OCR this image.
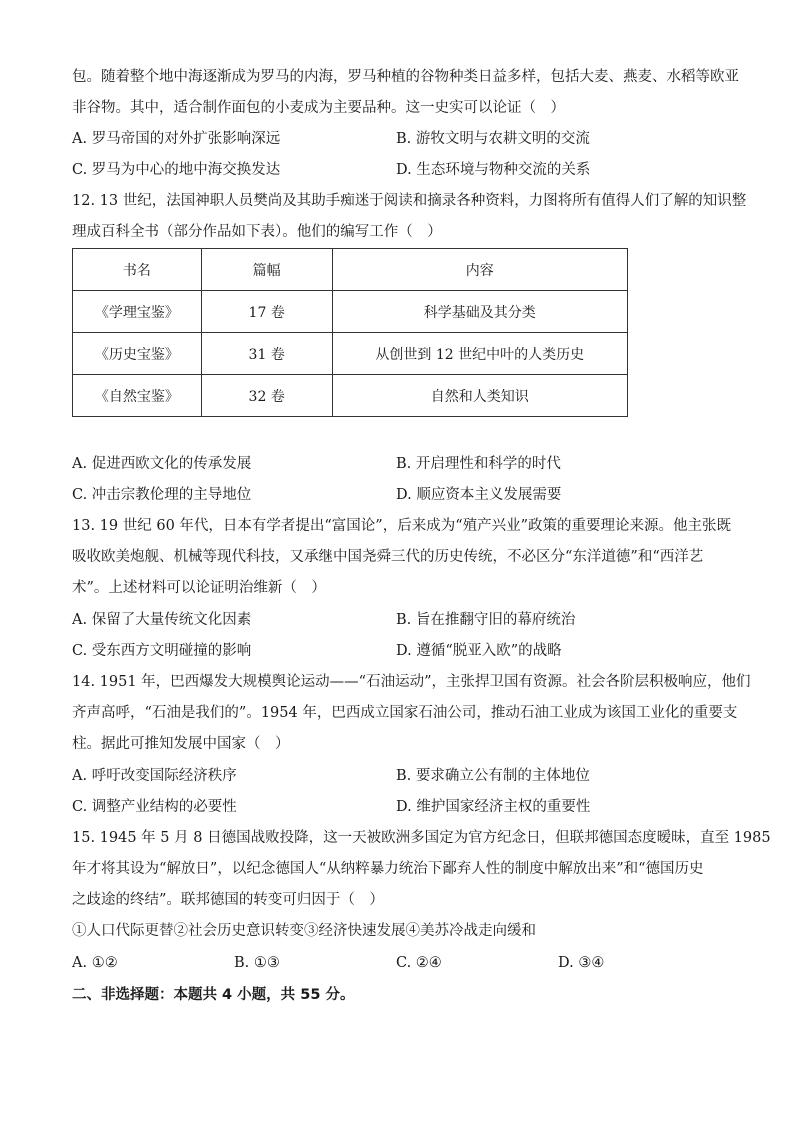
包。随着整个地中海逐渐成为罗马的内海，罗马种植的谷物种类日益多样，包括大麦、燕麦、水稻等欧亚
非谷物。其中，适合制作面包的小麦成为主要品种。这一史实可以论证（　）
A. 罗马帝国的对外扩张影响深远	B. 游牧文明与农耕文明的交流
C. 罗马为中心的地中海交换发达	D. 生态环境与物种交流的关系
12. 13 世纪，法国神职人员樊尚及其助手痴迷于阅读和摘录各种资料，力图将所有值得人们了解的知识整
理成百科全书（部分作品如下表）。他们的编写工作（　）
书名	篇幅	内容
《学理宝鉴》	17 卷	科学基础及其分类
《历史宝鉴》	31 卷	从创世到 12 世纪中叶的人类历史
《自然宝鉴》	32 卷	自然和人类知识
A. 促进西欧文化的传承发展	B. 开启理性和科学的时代
C. 冲击宗教伦理的主导地位	D. 顺应资本主义发展需要
13. 19 世纪 60 年代，日本有学者提出“富国论”，后来成为“殖产兴业”政策的重要理论来源。他主张既
吸收欧美炮舰、机械等现代科技，又承继中国尧舜三代的历史传统，不必区分“东洋道德”和“西洋艺
术”。上述材料可以论证明治维新（　）
A. 保留了大量传统文化因素	B. 旨在推翻守旧的幕府统治
C. 受东西方文明碰撞的影响	D. 遵循“脱亚入欧”的战略
14. 1951 年，巴西爆发大规模舆论运动——“石油运动”，主张捍卫国有资源。社会各阶层积极响应，他们
齐声高呼，“石油是我们的”。1954 年，巴西成立国家石油公司，推动石油工业成为该国工业化的重要支
柱。据此可推知发展中国家（　）
A. 呼吁改变国际经济秩序	B. 要求确立公有制的主体地位
C. 调整产业结构的必要性	D. 维护国家经济主权的重要性
15. 1945 年 5 月 8 日德国战败投降，这一天被欧洲多国定为官方纪念日，但联邦德国态度暧昧，直至 1985
年才将其设为“解放日”，以纪念德国人“从纳粹暴力统治下鄙弃人性的制度中解放出来”和“德国历史
之歧途的终结”。联邦德国的转变可归因于（　）
①人口代际更替②社会历史意识转变③经济快速发展④美苏冷战走向缓和
A. ①②	B. ①③	C. ②④	D. ③④
二、非选择题：本题共 4 小题，共 55 分。
